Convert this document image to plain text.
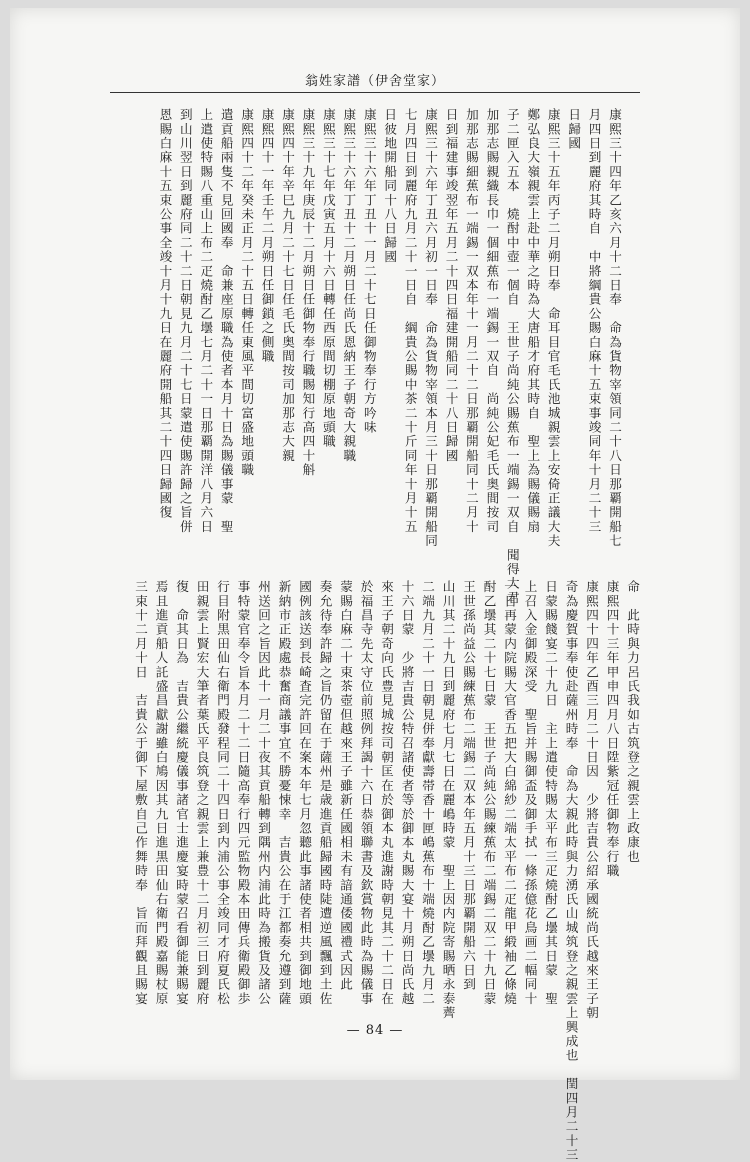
翁姓家譜（伊舍堂家）
康熙三十四年乙亥六月十二日奉　命為貨物宰領同二十八日那覇開船七
月四日到麗府其時自　中將綱貴公賜白麻十五束事竣同年十月二十三
日歸國
康熙三十五年丙子二月朔日奉　命耳目官毛氏池城親雲上安倚正議大夫
鄭弘良大嶺親雲上赴中華之時為大唐船才府其時自　聖上為賜儀賜扇
子二匣入五本　燒酎中壺一個自　王世子尚純公賜蕉布一端錫一双自　聞得大君
加那志賜親織長巾一個細蕉布一端錫一双自　尚純公妃毛氏奥間按司
加那志賜細蕉布一端錫一双本年十一月二十二日那覇開船同十二月十
日到福建事竣翌年五月二十四日福建開船同二十八日歸國
康熙三十六年丁丑六月初一日奉　命為貨物宰領本月三十日那覇開船同
七月四日到麗府九月二十一日自　綱貴公賜中茶二十斤同年十月十五
日彼地開船同十八日歸國
康熙三十六年丁丑十一月二十七日任御物奉行方吟味
康熙三十六年丁丑十二月朔日任尚氏恩納王子朝奇大親職
康熙三十七年戊寅五月十六日轉任西原間切棚原地頭職
康熙三十九年庚辰十二月朔日任御物奉行職賜知行高四十斛
康熙四十年辛巳九月二十七日任毛氏奥間按司加那志大親
康熙四十一年壬午二月朔日任御鎖之側職
康熙四十二年癸未正月二十五日轉任東風平間切富盛地頭職
遣貢船兩隻不見回國奉　命兼座原職為使者本月十日為賜儀事蒙　聖
上遣使特賜八重山上布二疋燒酎乙壜七月二十一日那覇開洋八月六日
到山川翌日到麗府同二十二日朝見九月二十七日蒙遣使賜許歸之旨併
恩賜白麻十五束公事全竣十月十九日在麗府開船其二十四日歸國復
命　此時與力呂氏我如古筑登之親雲上政康也
康熙四十三年甲申四月八日陞紫冠任御物奉行職
康熙四十四年乙酉三月二十日因　少將吉貴公紹承國統尚氏越來王子朝
奇為慶賀事奉使赴薩州時奉　命為大親此時與力湧氏山城筑登之親雲上興成也　閏四月二十三
日蒙賜餞宴二十九日　主上遣使特賜太平布三疋燒酎乙壜其日蒙　聖
上召入金御殿深受　聖旨并賜御盃及御手拭一條孫億花鳥画二幅同十
一日再蒙内院賜大官香五把大白綿紗二端太平布二疋龍甲緞袖乙條燒
酎乙壜其二十七日蒙　王世子尚純公賜練蕉布二端錫二双二十九日蒙
王世孫尚益公賜練蕉布二端錫二双本年五月十三日那覇開船六日到
山川其二十九日到麗府七月七日在麗嶋時蒙　聖上因内院寄賜晒永泰薺
二端九月二十一日朝見併奉獻壽帯香十匣嶋蕉布十端燒酎乙壜九月二
十六日蒙　少將吉貴公特召諸使者等於御本丸賜大宴十月朔日尚氏越
來王子朝奇向氏豊見城按司朝匡在於御本丸進謝時朝見其二十二日在
於福昌寺先太守位前照例拜謁十六日恭領聯書及欽賞物此時為賜儀事
蒙賜白麻二十束茶壺但越來王子雖新任國相未有諳通倭國禮式因此
奏允待奉許歸之旨仍留在于薩州是歳進貢船歸國時陡遭逆風飄到土佐
國例該送到長崎査完許回在案本年七月忽聽此事諸使者相共到御地頭
新納市正殿處恭奮商議事宜不勝憂悚幸　吉貴公在于江都奏允遵到薩
州送回之旨因此十一月二十夜其貢船轉到隅州内浦此時為搬貨及諸公
事特蒙官奉令旨本月二十二日隨高奉行四元監物殿本田傳兵衛殿御歩
行目附黒田仙右衛門殿發程同二十四日到内浦公事全竣同才府夏氏松
田親雲上賢宏大筆者葉氏平良筑登之親雲上兼豊十二月初三日到麗府
復　命其日為　吉貴公繼統慶儀事諸官士進慶宴時蒙召看御能兼賜宴
焉且進貢船人託盛昌獻謝雖白鳩因其九日進黒田仙右衛門殿嘉賜杖原
三束十二月十日　吉貴公于御下屋敷自己作舞時奉　旨而拜觀且賜宴
— 84 —
